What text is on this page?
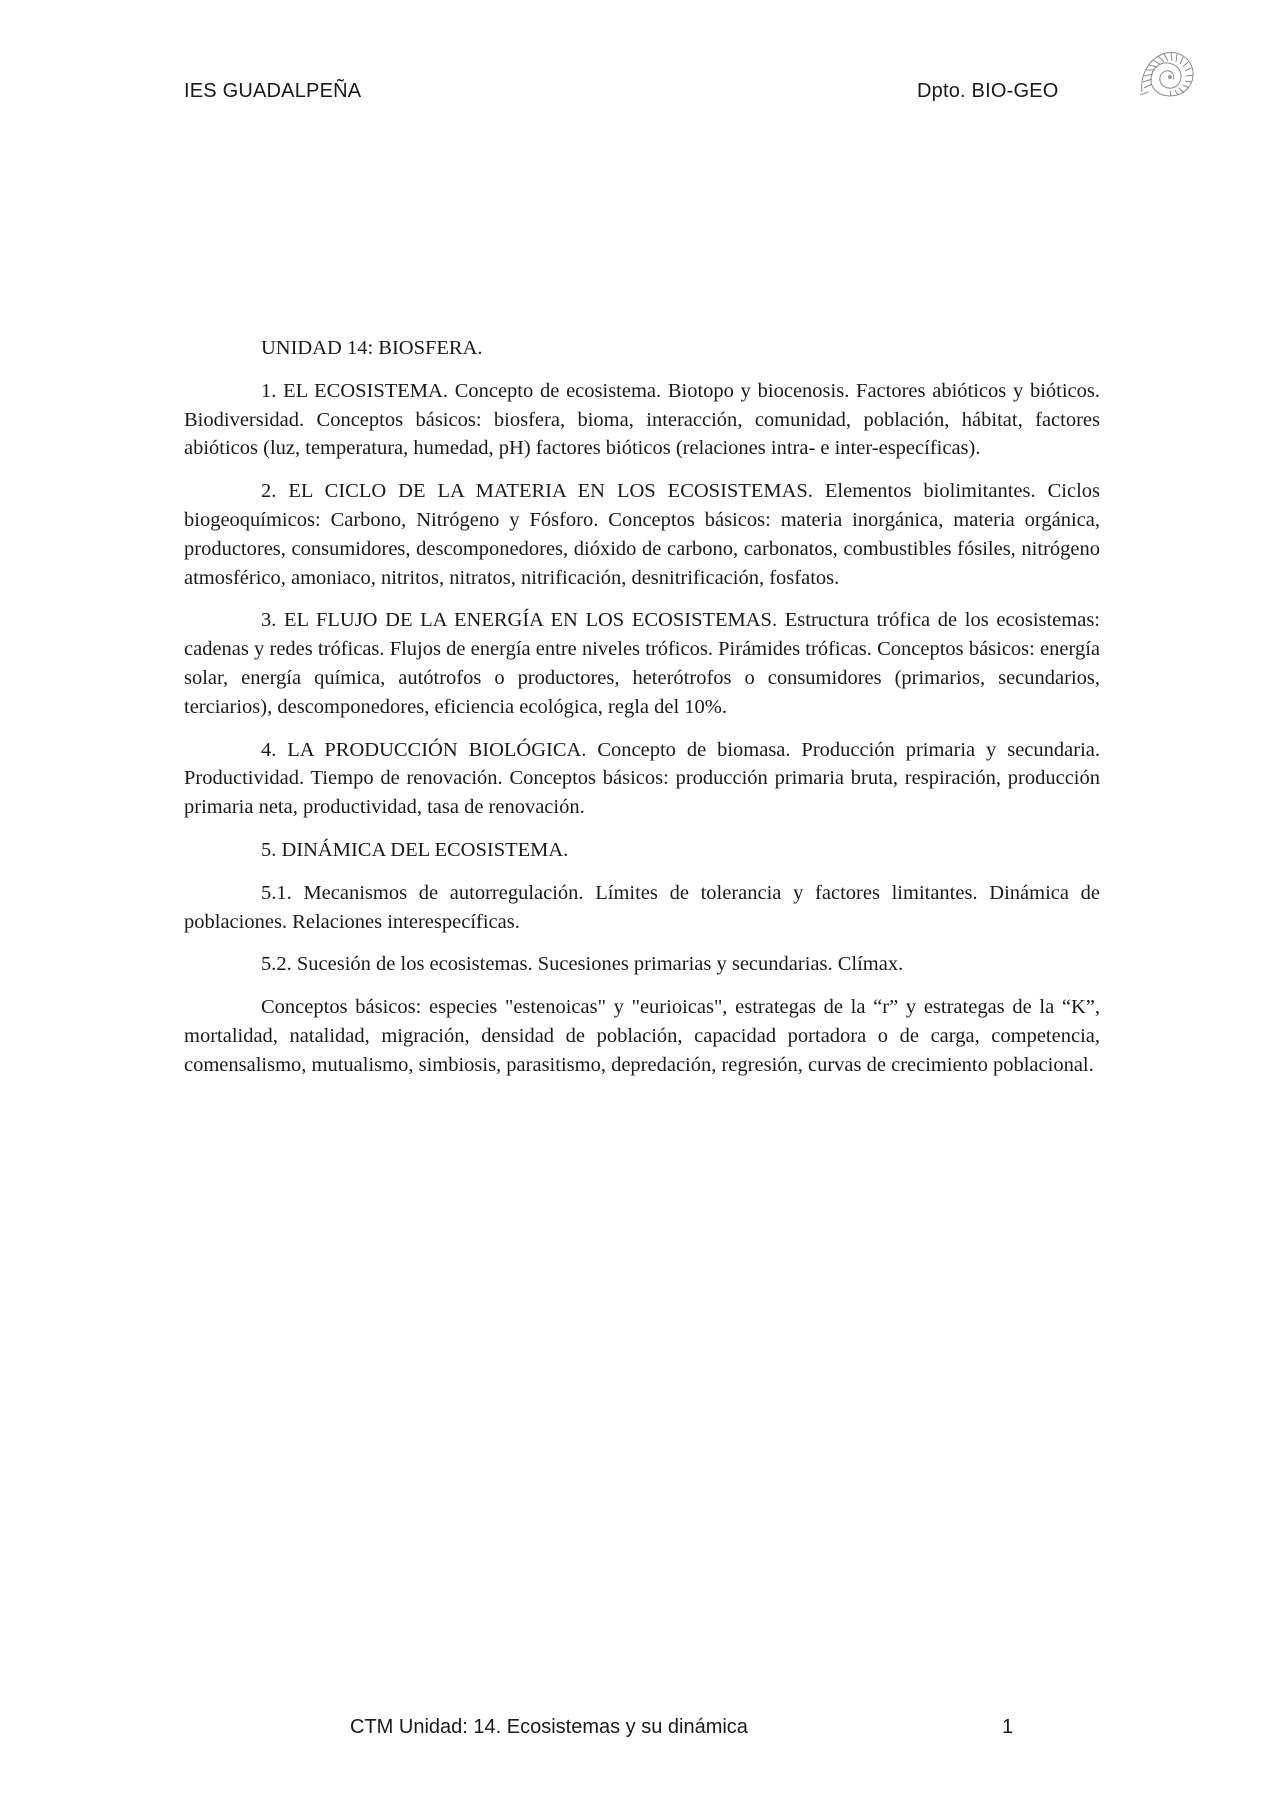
IES GUADALPEÑA	Dpto. BIO-GEO

UNIDAD 14: BIOSFERA.

1. EL ECOSISTEMA. Concepto de ecosistema. Biotopo y biocenosis. Factores abióticos y bióticos. Biodiversidad. Conceptos básicos: biosfera, bioma, interacción, comunidad, población, hábitat, factores abióticos (luz, temperatura, humedad, pH) factores bióticos (relaciones intra- e inter-específicas).

2. EL CICLO DE LA MATERIA EN LOS ECOSISTEMAS. Elementos biolimitantes. Ciclos biogeoquímicos: Carbono, Nitrógeno y Fósforo. Conceptos básicos: materia inorgánica, materia orgánica, productores, consumidores, descomponedores, dióxido de carbono, carbonatos, combustibles fósiles, nitrógeno atmosférico, amoniaco, nitritos, nitratos, nitrificación, desnitrificación, fosfatos.

3. EL FLUJO DE LA ENERGÍA EN LOS ECOSISTEMAS. Estructura trófica de los ecosistemas: cadenas y redes tróficas. Flujos de energía entre niveles tróficos. Pirámides tróficas. Conceptos básicos: energía solar, energía química, autótrofos o productores, heterótrofos o consumidores (primarios, secundarios, terciarios), descomponedores, eficiencia ecológica, regla del 10%.

4. LA PRODUCCIÓN BIOLÓGICA. Concepto de biomasa. Producción primaria y secundaria. Productividad. Tiempo de renovación. Conceptos básicos: producción primaria bruta, respiración, producción primaria neta, productividad, tasa de renovación.

5. DINÁMICA DEL ECOSISTEMA.

5.1. Mecanismos de autorregulación. Límites de tolerancia y factores limitantes. Dinámica de poblaciones. Relaciones interespecíficas.

5.2. Sucesión de los ecosistemas. Sucesiones primarias y secundarias. Clímax.

Conceptos básicos: especies "estenoicas" y "eurioicas", estrategas de la “r” y estrategas de la “K”, mortalidad, natalidad, migración, densidad de población, capacidad portadora o de carga, competencia, comensalismo, mutualismo, simbiosis, parasitismo, depredación, regresión, curvas de crecimiento poblacional.

CTM Unidad: 14. Ecosistemas y su dinámica	1
